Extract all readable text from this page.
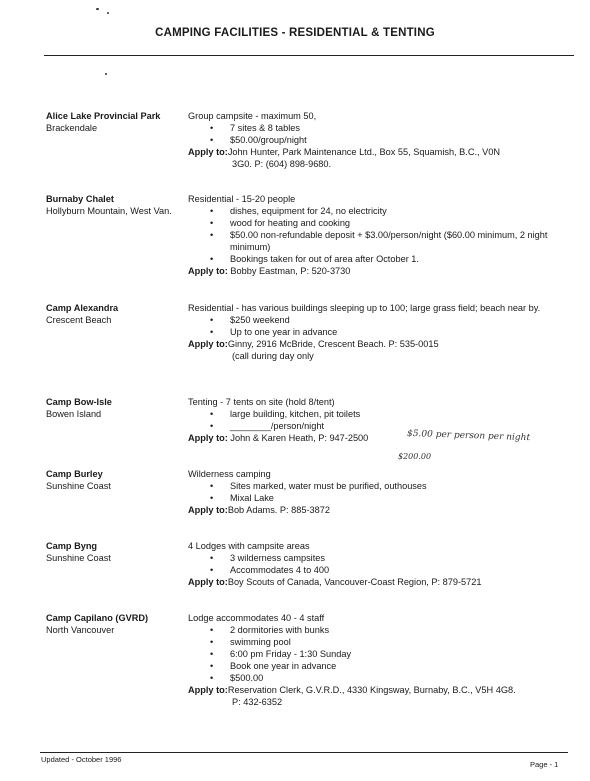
CAMPING FACILITIES - RESIDENTIAL & TENTING
Alice Lake Provincial Park
Brackendale
Group campsite - maximum 50,
• 7 sites & 8 tables
• $50.00/group/night
Apply to:John Hunter, Park Maintenance Ltd., Box 55, Squamish, B.C., V0N
3G0. P: (604) 898-9680.
Burnaby Chalet
Hollyburn Mountain, West Van.
Residential - 15-20 people
• dishes, equipment for 24, no electricity
• wood for heating and cooking
• $50.00 non-refundable deposit + $3.00/person/night ($60.00 minimum, 2 night minimum)
• Bookings taken for out of area after October 1.
Apply to: Bobby Eastman, P: 520-3730
Camp Alexandra
Crescent Beach
Residential - has various buildings sleeping up to 100; large grass field; beach near by.
• $250 weekend
• Up to one year in advance
Apply to:Ginny, 2916 McBride, Crescent Beach. P: 535-0015
(call during day only
Camp Bow-Isle
Bowen Island
Tenting - 7 tents on site (hold 8/tent)
• large building, kitchen, pit toilets
• ________/person/night
Apply to: John & Karen Heath, P: 947-2500	$5.00 per person per night
$200.00
Camp Burley
Sunshine Coast
Wilderness camping
• Sites marked, water must be purified, outhouses
• Mixal Lake
Apply to:Bob Adams. P: 885-3872
Camp Byng
Sunshine Coast
4 Lodges with campsite areas
• 3 wilderness campsites
• Accommodates 4 to 400
Apply to:Boy Scouts of Canada, Vancouver-Coast Region, P: 879-5721
Camp Capilano (GVRD)
North Vancouver
Lodge accommodates 40 - 4 staff
• 2 dormitories with bunks
• swimming pool
• 6:00 pm Friday - 1:30 Sunday
• Book one year in advance
• $500.00
Apply to:Reservation Clerk, G.V.R.D., 4330 Kingsway, Burnaby, B.C., V5H 4G8.
P: 432-6352
Updated - October 1996
Page - 1
